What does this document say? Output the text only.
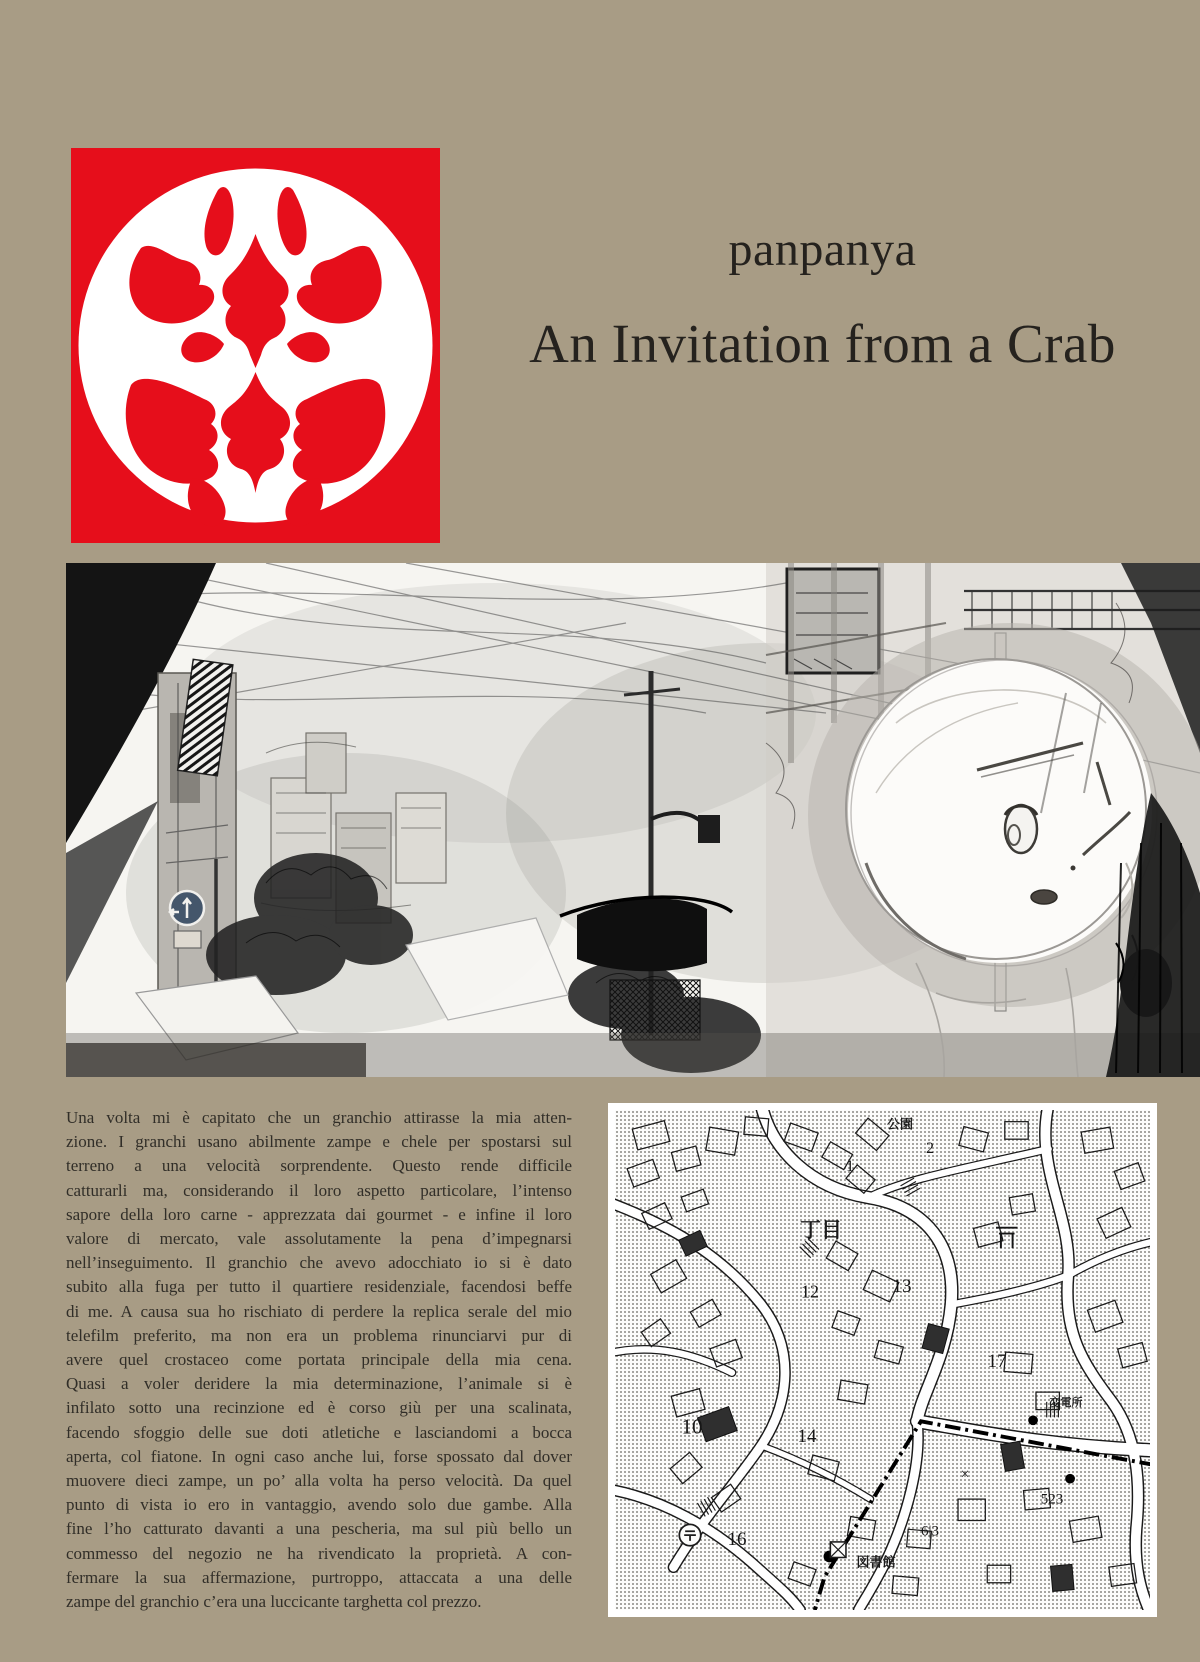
panpanya
An Invitation from a Crab
Una volta mi è capitato che un granchio attirasse la mia atten-
zione. I granchi usano abilmente zampe e chele per spostarsi sul
terreno a una velocità sorprendente. Questo rende difficile
catturarli ma, considerando il loro aspetto particolare, l’intenso
sapore della loro carne - apprezzata dai gourmet - e infine il loro
valore di mercato, vale assolutamente la pena d’impegnarsi
nell’inseguimento. Il granchio che avevo adocchiato io si è dato
subito alla fuga per tutto il quartiere residenziale, facendosi beffe
di me. A causa sua ho rischiato di perdere la replica serale del mio
telefilm preferito, ma non era un problema rinunciarvi pur di
avere quel crostaceo come portata principale della mia cena.
Quasi a voler deridere la mia determinazione, l’animale si è
infilato sotto una recinzione ed è corso giù per una scalinata,
facendo sfoggio delle sue doti atletiche e lasciandomi a bocca
aperta, col fiatone. In ogni caso anche lui, forse spossato dal dover
muovere dieci zampe, un po’ alla volta ha perso velocità. Da quel
punto di vista io ero in vantaggio, avendo solo due gambe. Alla
fine l’ho catturato davanti a una pescheria, ma sul più bello un
commesso del negozio ne ha rivendicato la proprietà. A con-
fermare la sua affermazione, purtroppo, attaccata a una delle
zampe del granchio c’era una luccicante targhetta col prezzo.
公園
2
1
丁目
12	13
17
10	14
×
523
変電所
16	6|3
図書館
